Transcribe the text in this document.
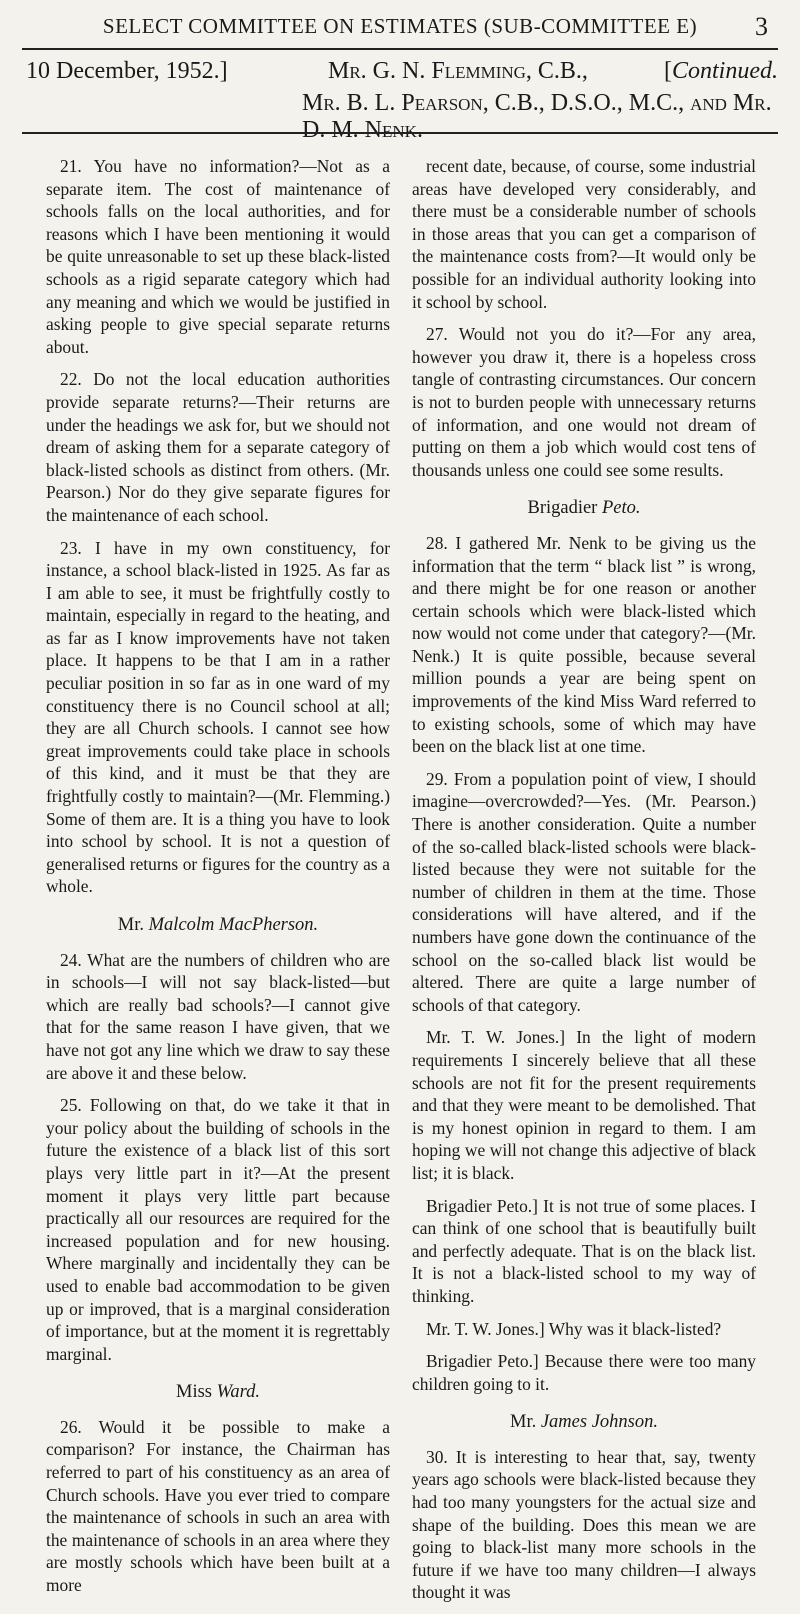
SELECT COMMITTEE ON ESTIMATES (SUB-COMMITTEE E)	3
10 December, 1952.]	Mr. G. N. Flemming, C.B.,	[Continued.
Mr. B. L. Pearson, C.B., D.S.O., M.C., and Mr. D. M. Nenk.

21. You have no information?—Not as a separate item. The cost of maintenance of schools falls on the local authorities, and for reasons which I have been mentioning it would be quite unreasonable to set up these black-listed schools as a rigid separate category which had any meaning and which we would be justified in asking people to give special separate returns about.

22. Do not the local education authorities provide separate returns?—Their returns are under the headings we ask for, but we should not dream of asking them for a separate category of black-listed schools as distinct from others. (Mr. Pearson.) Nor do they give separate figures for the maintenance of each school.

23. I have in my own constituency, for instance, a school black-listed in 1925. As far as I am able to see, it must be frightfully costly to maintain, especially in regard to the heating, and as far as I know improvements have not taken place. It happens to be that I am in a rather peculiar position in so far as in one ward of my constituency there is no Council school at all; they are all Church schools. I cannot see how great improvements could take place in schools of this kind, and it must be that they are frightfully costly to maintain?—(Mr. Flemming.) Some of them are. It is a thing you have to look into school by school. It is not a question of generalised returns or figures for the country as a whole.

Mr. Malcolm MacPherson.

24. What are the numbers of children who are in schools—I will not say black-listed—but which are really bad schools?—I cannot give that for the same reason I have given, that we have not got any line which we draw to say these are above it and these below.

25. Following on that, do we take it that in your policy about the building of schools in the future the existence of a black list of this sort plays very little part in it?—At the present moment it plays very little part because practically all our resources are required for the increased population and for new housing. Where marginally and incidentally they can be used to enable bad accommodation to be given up or improved, that is a marginal consideration of importance, but at the moment it is regrettably marginal.

Miss Ward.

26. Would it be possible to make a comparison? For instance, the Chairman has referred to part of his constituency as an area of Church schools. Have you ever tried to compare the maintenance of schools in such an area with the maintenance of schools in an area where they are mostly schools which have been built at a more

recent date, because, of course, some industrial areas have developed very considerably, and there must be a considerable number of schools in those areas that you can get a comparison of the maintenance costs from?—It would only be possible for an individual authority looking into it school by school.

27. Would not you do it?—For any area, however you draw it, there is a hopeless cross tangle of contrasting circumstances. Our concern is not to burden people with unnecessary returns of information, and one would not dream of putting on them a job which would cost tens of thousands unless one could see some results.

Brigadier Peto.

28. I gathered Mr. Nenk to be giving us the information that the term “ black list ” is wrong, and there might be for one reason or another certain schools which were black-listed which now would not come under that category?—(Mr. Nenk.) It is quite possible, because several million pounds a year are being spent on improvements of the kind Miss Ward referred to to existing schools, some of which may have been on the black list at one time.

29. From a population point of view, I should imagine—overcrowded?—Yes. (Mr. Pearson.) There is another consideration. Quite a number of the so-called black-listed schools were black-listed because they were not suitable for the number of children in them at the time. Those considerations will have altered, and if the numbers have gone down the continuance of the school on the so-called black list would be altered. There are quite a large number of schools of that category.

Mr. T. W. Jones.] In the light of modern requirements I sincerely believe that all these schools are not fit for the present requirements and that they were meant to be demolished. That is my honest opinion in regard to them. I am hoping we will not change this adjective of black list; it is black.

Brigadier Peto.] It is not true of some places. I can think of one school that is beautifully built and perfectly adequate. That is on the black list. It is not a black-listed school to my way of thinking.

Mr. T. W. Jones.] Why was it black-listed?

Brigadier Peto.] Because there were too many children going to it.

Mr. James Johnson.

30. It is interesting to hear that, say, twenty years ago schools were black-listed because they had too many youngsters for the actual size and shape of the building. Does this mean we are going to black-list many more schools in the future if we have too many children—I always thought it was
